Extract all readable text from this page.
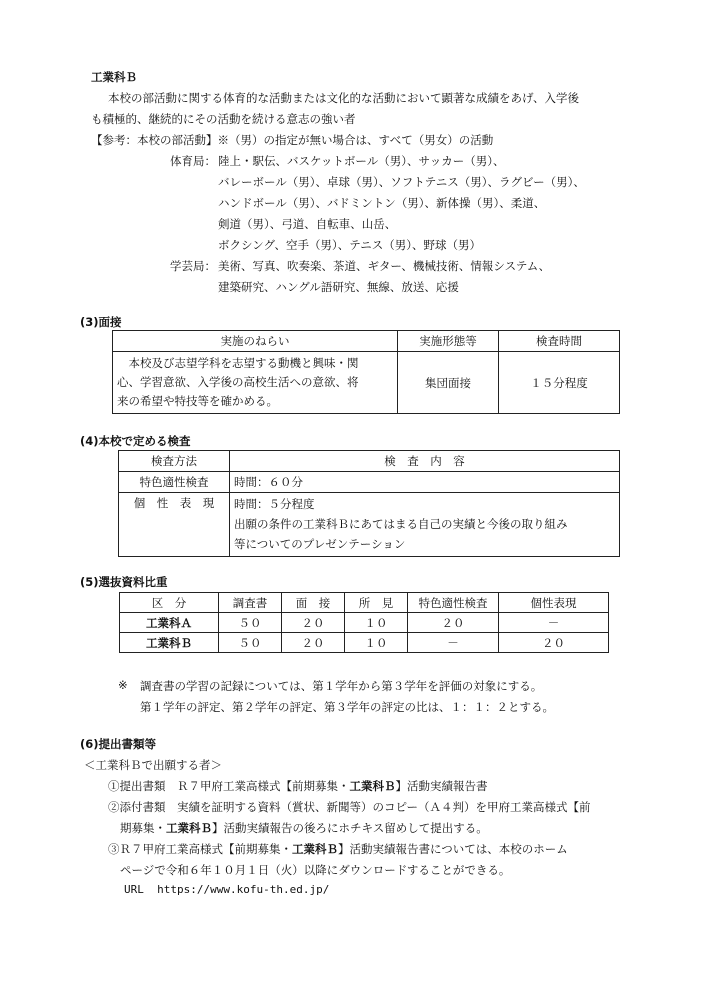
工業科Ｂ
本校の部活動に関する体育的な活動または文化的な活動において顕著な成績をあげ、入学後
も積極的、継続的にその活動を続ける意志の強い者
【参考：本校の部活動】※（男）の指定が無い場合は、すべて（男女）の活動
体育局： 陸上・駅伝、バスケットボール（男）、サッカー（男）、
バレーボール（男）、卓球（男）、ソフトテニス（男）、ラグビー（男）、
ハンドボール（男）、バドミントン（男）、新体操（男）、柔道、
剣道（男）、弓道、自転車、山岳、
ボクシング、空手（男）、テニス（男）、野球（男）
学芸局： 美術、写真、吹奏楽、茶道、ギター、機械技術、情報システム、
建築研究、ハングル語研究、無線、放送、応援
(3)面接
実施のねらい	実施形態等	検査時間

　本校及び志望学科を志望する動機と興味・関
心、学習意欲、入学後の高校生活への意欲、将
来の希望や特技等を確かめる。	集団面接	１５分程度
(4)本校で定める検査
検査方法	検　査　内　容
特色適性検査	時間：６０分
個　性　表　現	時間：５分程度
出願の条件の工業科Ｂにあてはまる自己の実績と今後の取り組み
等についてのプレゼンテーション
(5)選抜資料比重
区　分	調査書	面　接	所　見	特色適性検査	個性表現
工業科Ａ	５０	２０	１０	２０	－
工業科Ｂ	５０	２０	１０	－	２０
※ 調査書の学習の記録については、第１学年から第３学年を評価の対象にする。
第１学年の評定、第２学年の評定、第３学年の評定の比は、１：１：２とする。
(6)提出書類等
＜工業科Ｂで出願する者＞
①提出書類　Ｒ７甲府工業高様式【前期募集・工業科Ｂ】活動実績報告書
②添付書類　実績を証明する資料（賞状、新聞等）のコピー（Ａ４判）を甲府工業高様式【前
期募集・工業科Ｂ】活動実績報告の後ろにホチキス留めして提出する。
③Ｒ７甲府工業高様式【前期募集・工業科Ｂ】活動実績報告書については、本校のホーム
ページで令和６年１０月１日（火）以降にダウンロードすることができる。
URL https://www.kofu-th.ed.jp/
